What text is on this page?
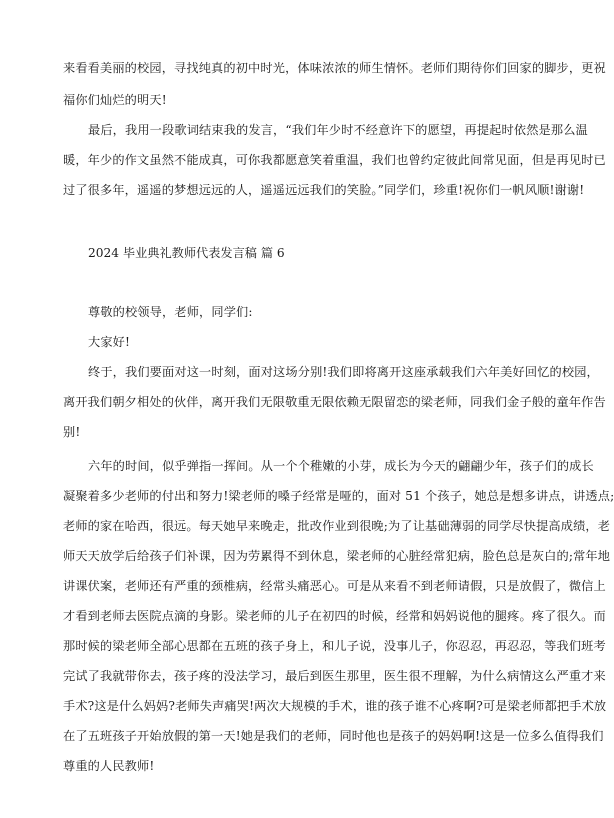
来看看美丽的校园，寻找纯真的初中时光，体味浓浓的师生情怀。老师们期待你们回家的脚步，更祝
福你们灿烂的明天!
最后，我用一段歌词结束我的发言，“我们年少时不经意许下的愿望，再提起时依然是那么温
暖，年少的作文虽然不能成真，可你我都愿意笑着重温，我们也曾约定彼此间常见面，但是再见时已
过了很多年，遥遥的梦想远远的人，遥遥远远我们的笑脸。”同学们，珍重!祝你们一帆风顺!谢谢!
2024 毕业典礼教师代表发言稿 篇 6
尊敬的校领导，老师，同学们:
大家好!
终于，我们要面对这一时刻，面对这场分别!我们即将离开这座承载我们六年美好回忆的校园，
离开我们朝夕相处的伙伴，离开我们无限敬重无限依赖无限留恋的梁老师，同我们金子般的童年作告
别!
六年的时间，似乎弹指一挥间。从一个个稚嫩的小芽，成长为今天的翩翩少年，孩子们的成长
凝聚着多少老师的付出和努力!梁老师的嗓子经常是哑的，面对 51 个孩子，她总是想多讲点，讲透点;
老师的家在哈西，很远。每天她早来晚走，批改作业到很晚;为了让基础薄弱的同学尽快提高成绩，老
师天天放学后给孩子们补课，因为劳累得不到休息，梁老师的心脏经常犯病，脸色总是灰白的;常年地
讲课伏案，老师还有严重的颈椎病，经常头痛恶心。可是从来看不到老师请假，只是放假了，微信上
才看到老师去医院点滴的身影。梁老师的儿子在初四的时候，经常和妈妈说他的腿疼。疼了很久。而
那时候的梁老师全部心思都在五班的孩子身上，和儿子说，没事儿子，你忍忍，再忍忍，等我们班考
完试了我就带你去，孩子疼的没法学习，最后到医生那里，医生很不理解，为什么病情这么严重才来
手术?这是什么妈妈?老师失声痛哭!两次大规模的手术，谁的孩子谁不心疼啊?可是梁老师都把手术放
在了五班孩子开始放假的第一天!她是我们的老师，同时他也是孩子的妈妈啊!这是一位多么值得我们
尊重的人民教师!
